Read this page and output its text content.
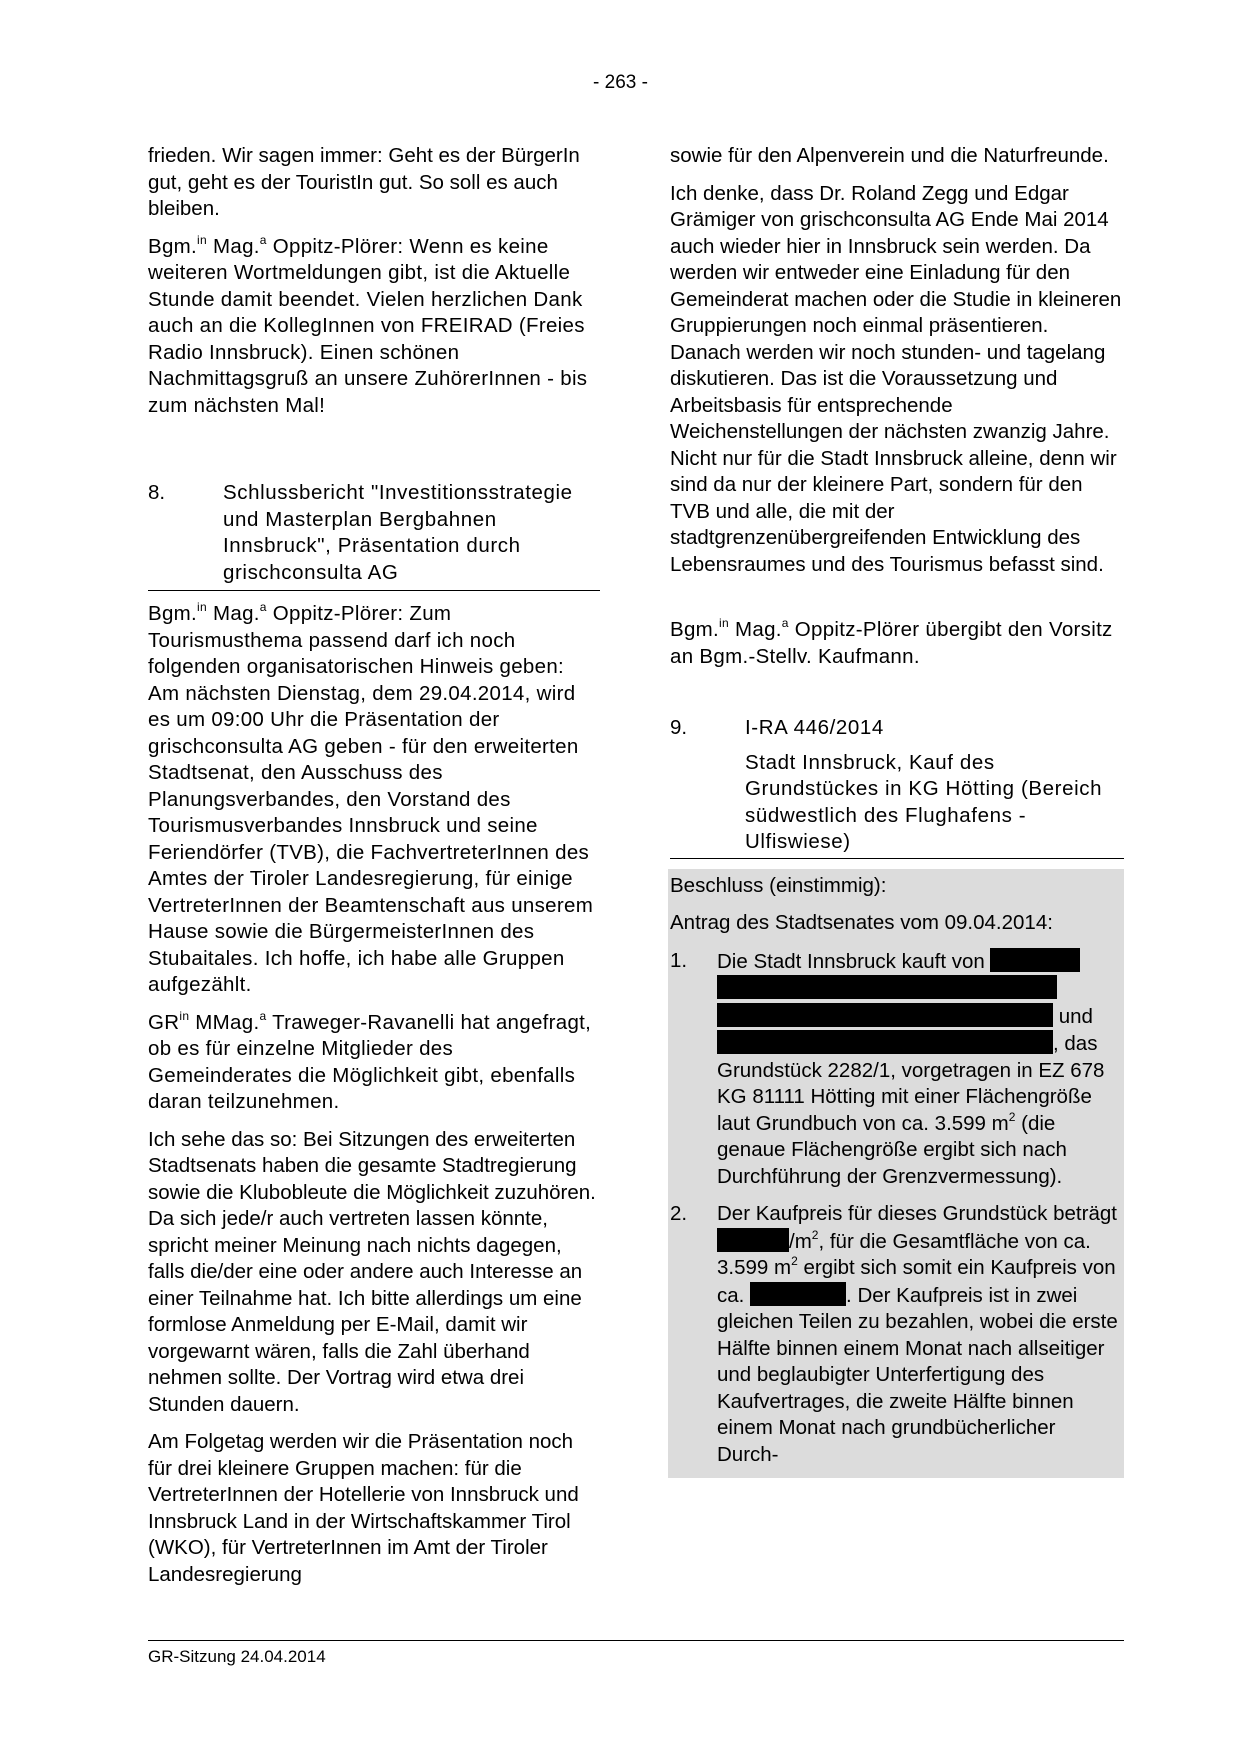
- 263 -

frieden. Wir sagen immer: Geht es der BürgerIn gut, geht es der TouristIn gut. So soll es auch bleiben.

Bgm.$^{in}$ Mag.$^a$ Oppitz-Plörer: Wenn es keine weiteren Wortmeldungen gibt, ist die Aktuelle Stunde damit beendet. Vielen herzlichen Dank auch an die KollegInnen von FREIRAD (Freies Radio Innsbruck). Einen schönen Nachmittagsgruß an unsere ZuhörerInnen - bis zum nächsten Mal!

8.	Schlussbericht "Investitionsstrategie und Masterplan Bergbahnen Innsbruck", Präsentation durch grischconsulta AG

Bgm.$^{in}$ Mag.$^a$ Oppitz-Plörer: Zum Tourismusthema passend darf ich noch folgenden organisatorischen Hinweis geben: Am nächsten Dienstag, dem 29.04.2014, wird es um 09:00 Uhr die Präsentation der grischconsulta AG geben - für den erweiterten Stadtsenat, den Ausschuss des Planungsverbandes, den Vorstand des Tourismusverbandes Innsbruck und seine Feriendörfer (TVB), die FachvertreterInnen des Amtes der Tiroler Landesregierung, für einige VertreterInnen der Beamtenschaft aus unserem Hause sowie die BürgermeisterInnen des Stubaitales. Ich hoffe, ich habe alle Gruppen aufgezählt.

$GR^{in}$ MMag.$^a$ Traweger-Ravanelli hat angefragt, ob es für einzelne Mitglieder des Gemeinderates die Möglichkeit gibt, ebenfalls daran teilzunehmen.

Ich sehe das so: Bei Sitzungen des erweiterten Stadtsenats haben die gesamte Stadtregierung sowie die Klubobleute die Möglichkeit zuzuhören. Da sich jede/r auch vertreten lassen könnte, spricht meiner Meinung nach nichts dagegen, falls die/der eine oder andere auch Interesse an einer Teilnahme hat. Ich bitte allerdings um eine formlose Anmeldung per E-Mail, damit wir vorgewarnt wären, falls die Zahl überhand nehmen sollte. Der Vortrag wird etwa drei Stunden dauern.

Am Folgetag werden wir die Präsentation noch für drei kleinere Gruppen machen: für die VertreterInnen der Hotellerie von Innsbruck und Innsbruck Land in der Wirtschaftskammer Tirol (WKO), für VertreterInnen im Amt der Tiroler Landesregierung

sowie für den Alpenverein und die Naturfreunde.

Ich denke, dass Dr. Roland Zegg und Edgar Grämiger von grischconsulta AG Ende Mai 2014 auch wieder hier in Innsbruck sein werden. Da werden wir entweder eine Einladung für den Gemeinderat machen oder die Studie in kleineren Gruppierungen noch einmal präsentieren. Danach werden wir noch stunden- und tagelang diskutieren. Das ist die Voraussetzung und Arbeitsbasis für entsprechende Weichenstellungen der nächsten zwanzig Jahre. Nicht nur für die Stadt Innsbruck alleine, denn wir sind da nur der kleinere Part, sondern für den TVB und alle, die mit der stadtgrenzenübergreifenden Entwicklung des Lebensraumes und des Tourismus befasst sind.

Bgm.$^{in}$ Mag.$^a$ Oppitz-Plörer übergibt den Vorsitz an Bgm.-Stellv. Kaufmann.

9.	I-RA 446/2014
Stadt Innsbruck, Kauf des Grundstückes in KG Hötting (Bereich südwestlich des Flughafens - Ulfiswiese)

Beschluss (einstimmig):

Antrag des Stadtsenates vom 09.04.2014:

1.	Die Stadt Innsbruck kauft von
und
, das
Grundstück 2282/1, vorgetragen in EZ 678 KG 81111 Hötting mit einer Flächengröße laut Grundbuch von ca. 3.599 $m^2$ (die genaue Flächengröße ergibt sich nach Durchführung der Grenzvermessung).
2.	Der Kaufpreis für dieses Grundstück beträgt $/m^2$, für die Gesamtfläche von ca. 3.599 $m^2$ ergibt sich somit ein Kaufpreis von ca.	. Der Kaufpreis ist in zwei gleichen Teilen zu bezahlen, wobei die erste Hälfte binnen einem Monat nach allseitiger und beglaubigter Unterfertigung des Kaufvertrages, die zweite Hälfte binnen einem Monat nach grundbücherlicher Durch-
GR-Sitzung 24.04.2014
